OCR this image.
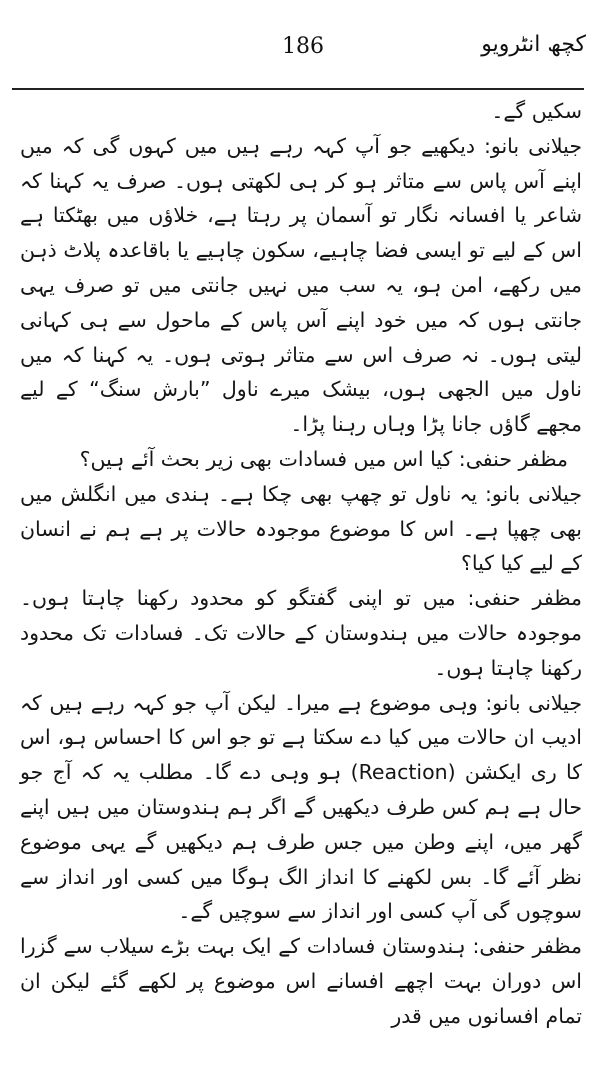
186	کچھ انٹرویو

سکیں گے۔

جیلانی بانو: دیکھیے جو آپ کہہ رہے ہیں میں کہوں گی کہ میں اپنے آس پاس سے متاثر ہو کر ہی لکھتی ہوں۔ صرف یہ کہنا کہ شاعر یا افسانہ نگار تو آسمان پر رہتا ہے، خلاؤں میں بھٹکتا ہے اس کے لیے تو ایسی فضا چاہیے، سکون چاہیے یا باقاعدہ پلاٹ ذہن میں رکھے، امن ہو، یہ سب میں نہیں جانتی میں تو صرف یہی جانتی ہوں کہ میں خود اپنے آس پاس کے ماحول سے ہی کہانی لیتی ہوں۔ نہ صرف اس سے متاثر ہوتی ہوں۔ یہ کہنا کہ میں ناول میں الجھی ہوں، بیشک میرے ناول ”بارش سنگ“ کے لیے مجھے گاؤں جانا پڑا وہاں رہنا پڑا۔

مظفر حنفی: کیا اس میں فسادات بھی زیر بحث آئے ہیں؟

جیلانی بانو: یہ ناول تو چھپ بھی چکا ہے۔ ہندی میں انگلش میں بھی چھپا ہے۔ اس کا موضوع موجودہ حالات پر ہے ہم نے انسان کے لیے کیا کیا؟

مظفر حنفی: میں تو اپنی گفتگو کو محدود رکھنا چاہتا ہوں۔ موجودہ حالات میں ہندوستان کے حالات تک۔ فسادات تک محدود رکھنا چاہتا ہوں۔

جیلانی بانو: وہی موضوع ہے میرا۔ لیکن آپ جو کہہ رہے ہیں کہ ادیب ان حالات میں کیا دے سکتا ہے تو جو اس کا احساس ہو، اس کا ری ایکشن (Reaction) ہو وہی دے گا۔ مطلب یہ کہ آج جو حال ہے ہم کس طرف دیکھیں گے اگر ہم ہندوستان میں ہیں اپنے گھر میں، اپنے وطن میں جس طرف ہم دیکھیں گے یہی موضوع نظر آئے گا۔ بس لکھنے کا انداز الگ ہوگا میں کسی اور انداز سے سوچوں گی آپ کسی اور انداز سے سوچیں گے۔

مظفر حنفی: ہندوستان فسادات کے ایک بہت بڑے سیلاب سے گزرا اس دوران بہت اچھے افسانے اس موضوع پر لکھے گئے لیکن ان تمام افسانوں میں قدر
